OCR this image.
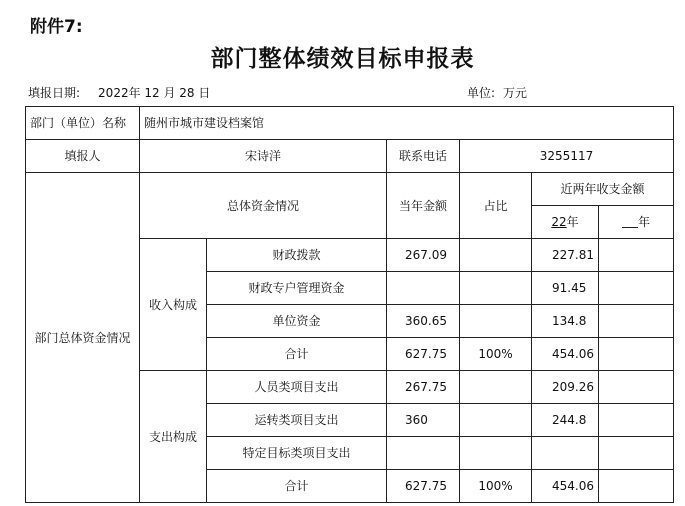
附件7:
部门整体绩效目标申报表
填报日期: 2022年 12 月 28 日	单位: 万元
部门（单位）名称	随州市城市建设档案馆					
填报人	宋诗洋		联系电话	3255117		
部门总体资金情况	总体资金情况		当年金额	占比	近两年收支金额	
					22年	年
	收入构成	财政拨款	267.09		227.81	
		财政专户管理资金			91.45	
		单位资金	360.65		134.8	
		合计	627.75	100%	454.06	
	支出构成	人员类项目支出	267.75		209.26	
		运转类项目支出	360		244.8	
		特定目标类项目支出				
		合计	627.75	100%	454.06	
